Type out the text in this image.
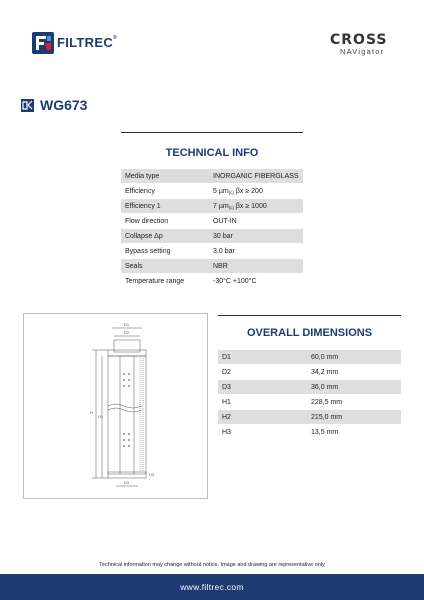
FILTREC®	CROSS
NAVigator
WG673
TECHNICAL INFO
Media type	INORGANIC FIBERGLASS
Efficiency	5 µm$_{(c)}$ βx ≥ 200
Efficiency 1	7 µm$_{(c)}$ βx ≥ 1000
Flow direction	OUT-IN
Collapse Δp	30 bar
Bypass setting	3.0 bar
Seals	NBR
Temperature range	-30°C +100°C
D1
D2
H
H1
H3
D3
OVERALL DIMENSIONS
D1	60,0 mm
D2	34,2 mm
D3	36,0 mm
H1	228,5 mm
H2	215,0 mm
H3	13,5 mm
Technical information may change without notice. Image and drawing are representative only
www.filtrec.com
